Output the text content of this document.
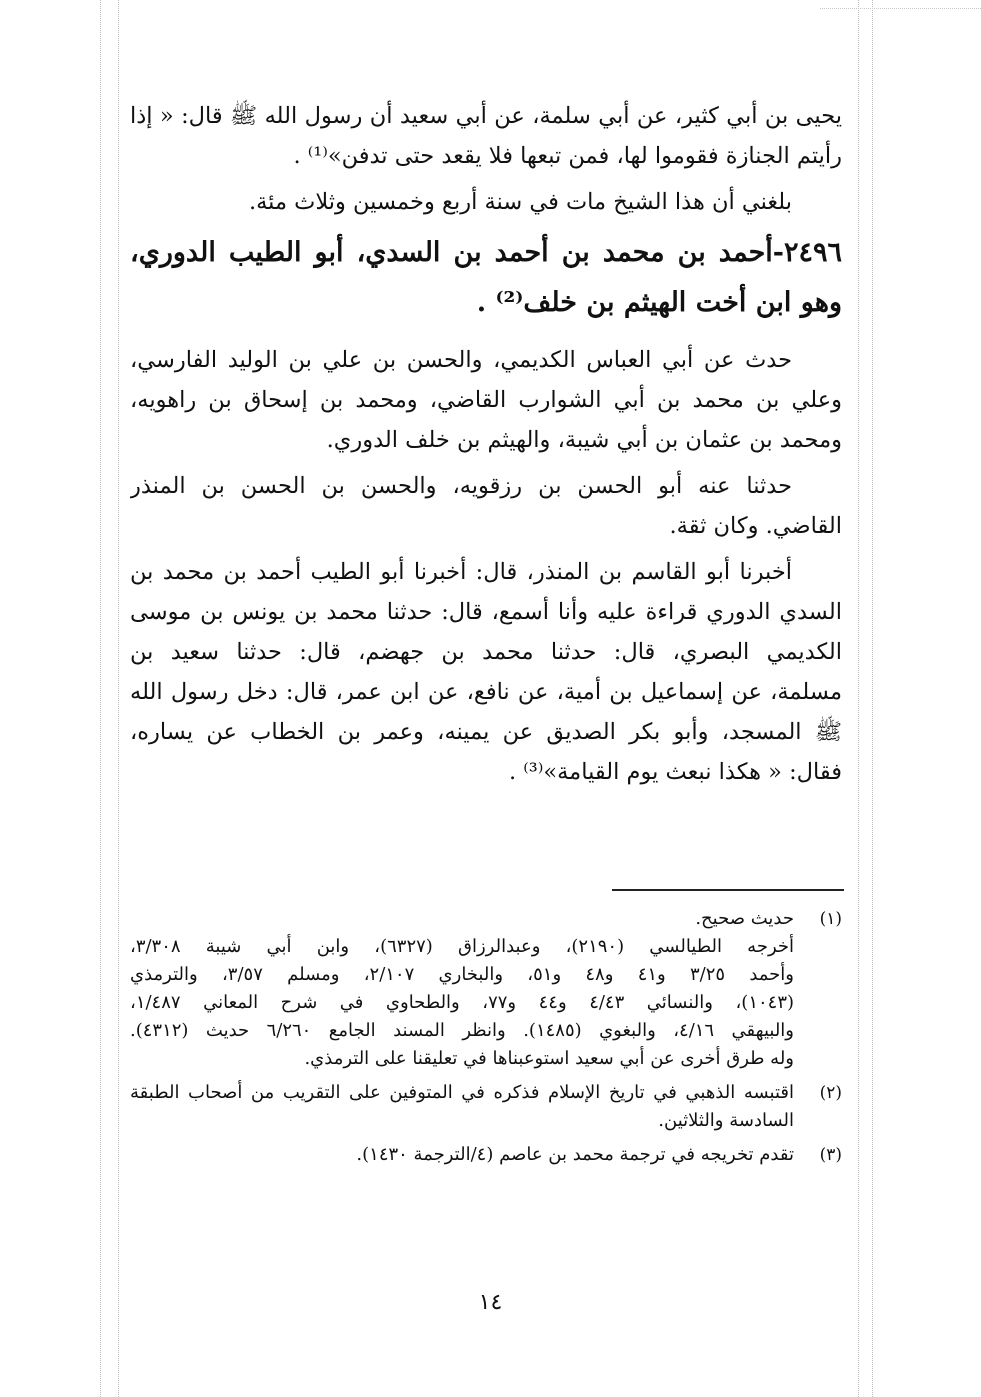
يحيى بن أبي كثير، عن أبي سلمة، عن أبي سعيد أن رسول الله ﷺ قال: « إذا
رأيتم الجنازة فقوموا لها، فمن تبعها فلا يقعد حتى تدفن»⁽¹⁾ .
بلغني أن هذا الشيخ مات في سنة أربع وخمسين وثلاث مئة.
٢٤٩٦-أحمد بن محمد بن أحمد بن السدي، أبو الطيب الدوري،
وهو ابن أخت الهيثم بن خلف⁽²⁾ .
حدث عن أبي العباس الكديمي، والحسن بن علي بن الوليد الفارسي،
وعلي بن محمد بن أبي الشوارب القاضي، ومحمد بن إسحاق بن راهويه،
ومحمد بن عثمان بن أبي شيبة، والهيثم بن خلف الدوري.
حدثنا عنه أبو الحسن بن رزقويه، والحسن بن الحسن بن المنذر
القاضي. وكان ثقة.
أخبرنا أبو القاسم بن المنذر، قال: أخبرنا أبو الطيب أحمد بن محمد بن
السدي الدوري قراءة عليه وأنا أسمع، قال: حدثنا محمد بن يونس بن موسى
الكديمي البصري، قال: حدثنا محمد بن جهضم، قال: حدثنا سعيد بن
مسلمة، عن إسماعيل بن أمية، عن نافع، عن ابن عمر، قال: دخل رسول الله
ﷺ المسجد، وأبو بكر الصديق عن يمينه، وعمر بن الخطاب عن يساره،
فقال: « هكذا نبعث يوم القيامة»⁽³⁾ .
(١)
حديث صحيح.
أخرجه الطيالسي (٢١٩٠)، وعبدالرزاق (٦٣٢٧)، وابن أبي شيبة ٣/٣٠٨،
وأحمد ٣/٢٥ و٤١ و٤٨ و٥١، والبخاري ٢/١٠٧، ومسلم ٣/٥٧، والترمذي
(١٠٤٣)، والنسائي ٤/٤٣ و٤٤ و٧٧، والطحاوي في شرح المعاني ١/٤٨٧،
والبيهقي ٤/١٦، والبغوي (١٤٨٥). وانظر المسند الجامع ٦/٢٦٠ حديث (٤٣١٢).
وله طرق أخرى عن أبي سعيد استوعبناها في تعليقنا على الترمذي.
(٢)
اقتبسه الذهبي في تاريخ الإسلام فذكره في المتوفين على التقريب من أصحاب الطبقة
السادسة والثلاثين.
(٣)
تقدم تخريجه في ترجمة محمد بن عاصم (٤/الترجمة ١٤٣٠).
١٤
